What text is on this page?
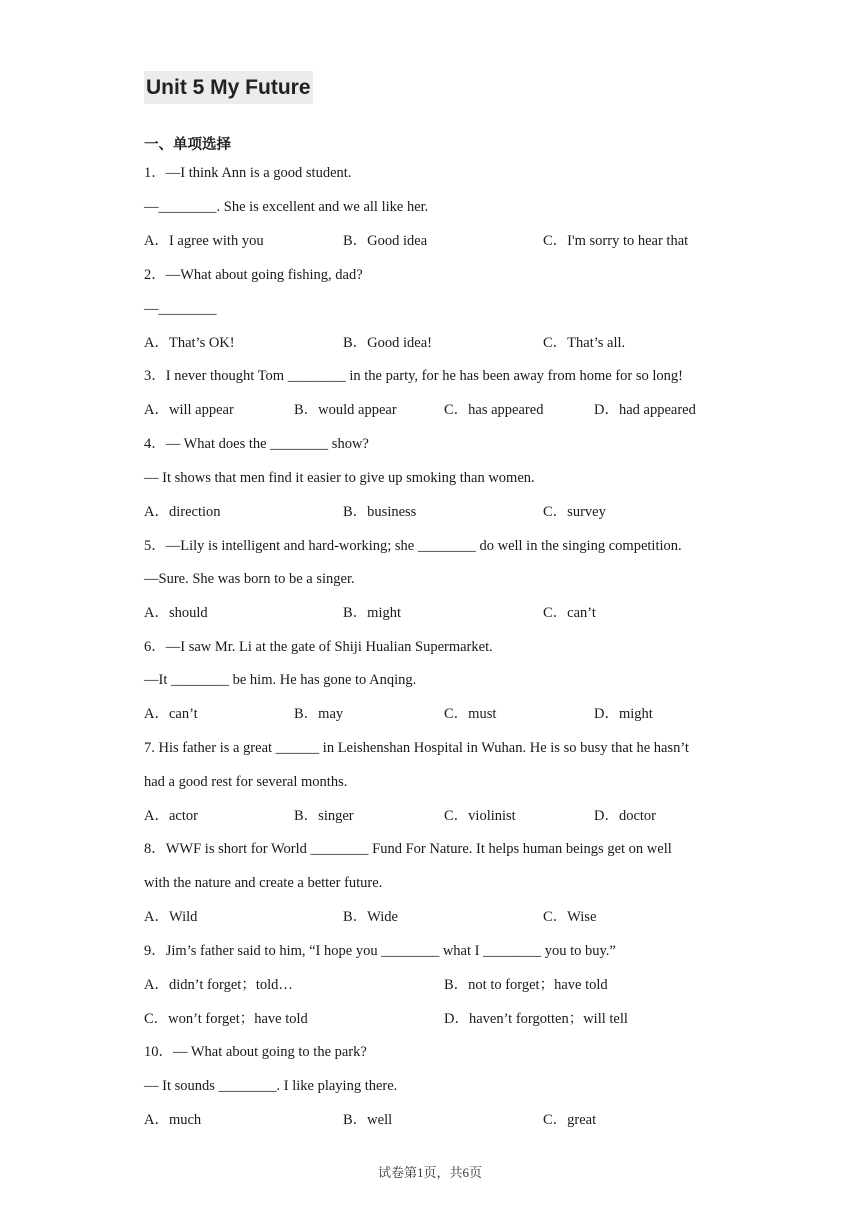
Unit 5 My Future
一、单项选择
1．—I think Ann is a good student.
—________. She is excellent and we all like her.
A．I agree with you	B．Good idea	C．I'm sorry to hear that
2．—What about going fishing, dad?
—________
A．That’s OK!	B．Good idea!	C．That’s all.
3．I never thought Tom ________ in the party, for he has been away from home for so long!
A．will appear	B．would appear	C．has appeared	D．had appeared
4．— What does the ________ show?
— It shows that men find it easier to give up smoking than women.
A．direction	B．business	C．survey
5．—Lily is intelligent and hard-working; she ________ do well in the singing competition.
—Sure. She was born to be a singer.
A．should	B．might	C．can’t
6．—I saw Mr. Li at the gate of Shiji Hualian Supermarket.
—It ________ be him. He has gone to Anqing.
A．can’t	B．may	C．must	D．might
7. His father is a great ______ in Leishenshan Hospital in Wuhan. He is so busy that he hasn’t
had a good rest for several months.
A．actor	B．singer	C．violinist	D．doctor
8．WWF is short for World ________ Fund For Nature. It helps human beings get on well
with the nature and create a better future.
A．Wild	B．Wide	C．Wise
9．Jim’s father said to him, “I hope you ________ what I ________ you to buy.”
A．didn’t forget；told…	B．not to forget；have told
C．won’t forget；have told	D．haven’t forgotten；will tell
10．— What about going to the park?
— It sounds ________. I like playing there.
A．much	B．well	C．great
试卷第1页，共6页
